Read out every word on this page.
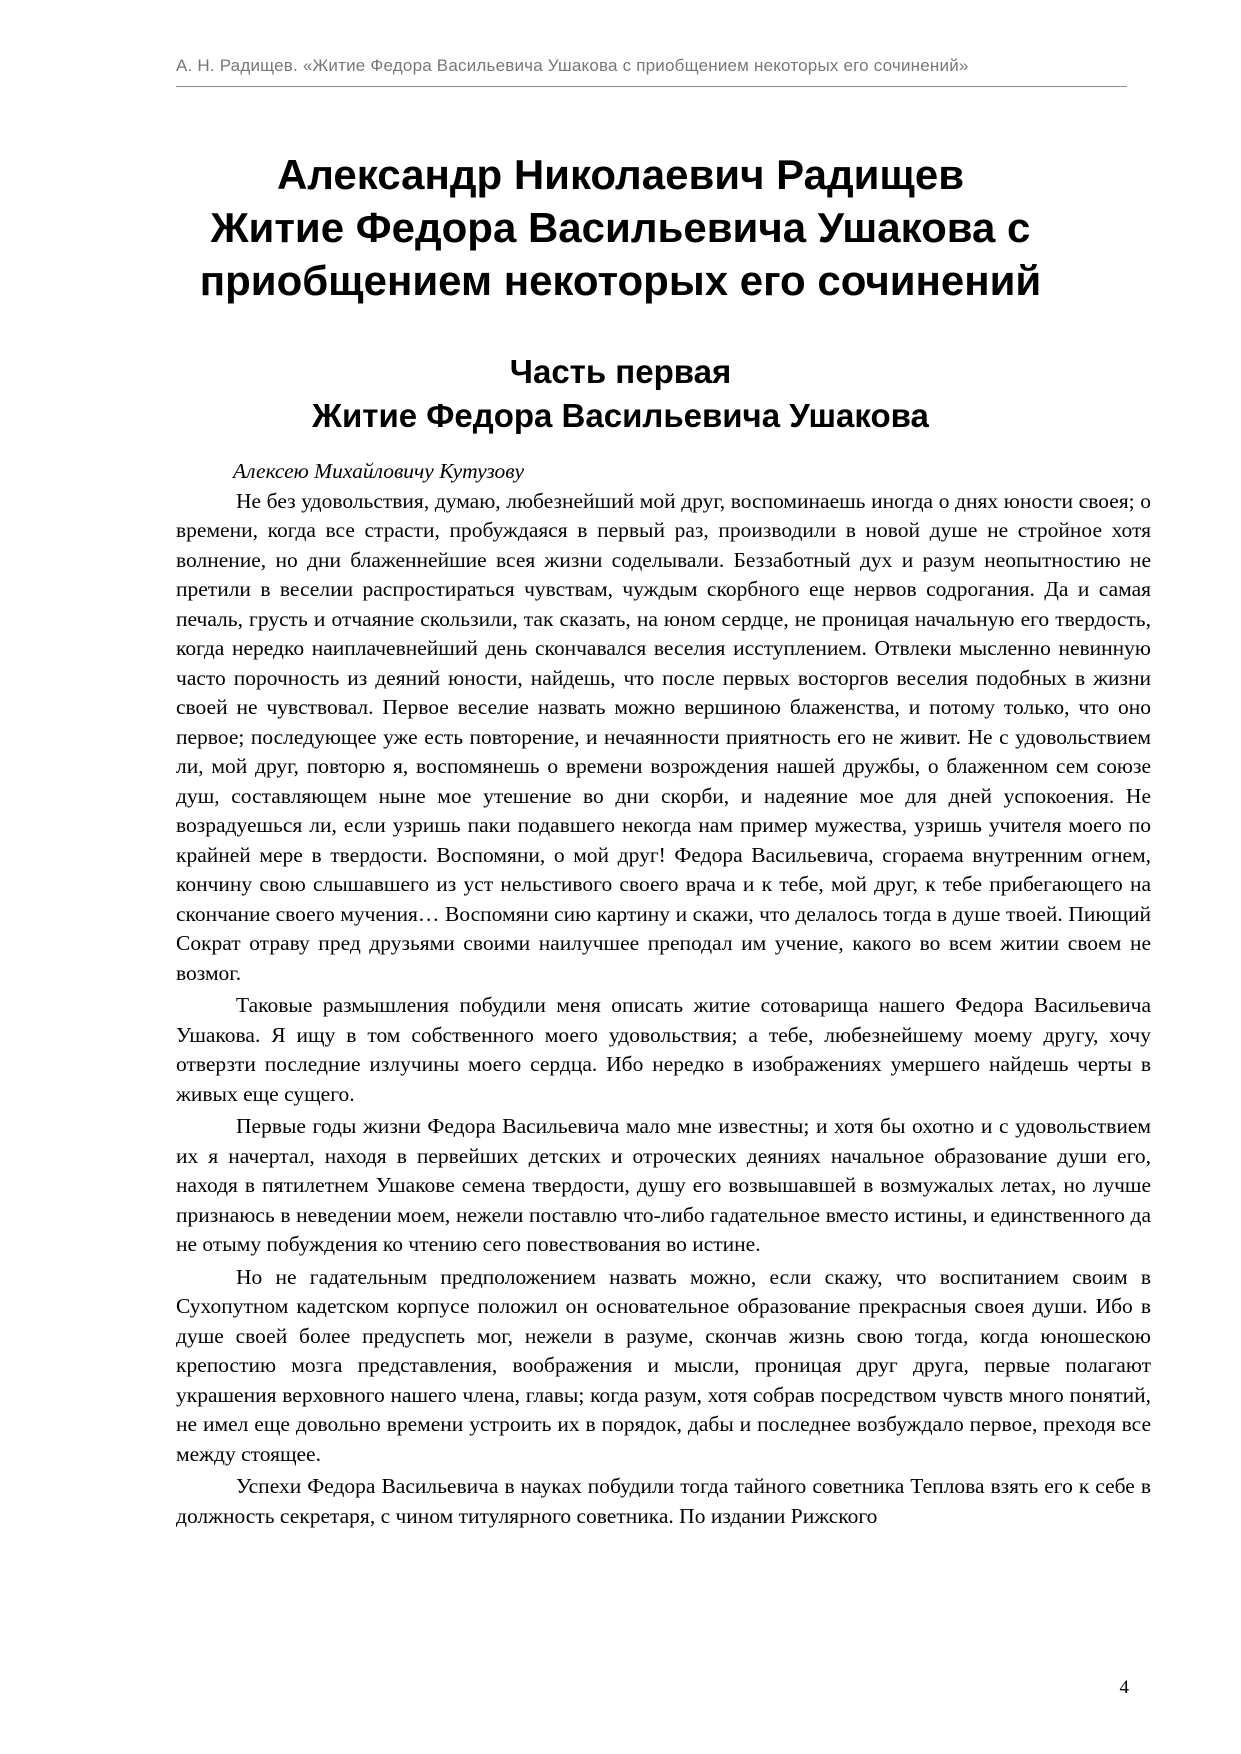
А. Н. Радищев. «Житие Федора Васильевича Ушакова с приобщением некоторых его сочинений»
Александр Николаевич Радищев
Житие Федора Васильевича Ушакова с
приобщением некоторых его сочинений
Часть первая
Житие Федора Васильевича Ушакова

Алексею Михайловичу Кутузову

Не без удовольствия, думаю, любезнейший мой друг, воспоминаешь иногда о днях юности своея; о времени, когда все страсти, пробуждаяся в первый раз, производили в новой душе не стройное хотя волнение, но дни блаженнейшие всея жизни соделывали. Беззаботный дух и разум неопытностию не претили в веселии распростираться чувствам, чуждым скорбного еще нервов содрогания. Да и самая печаль, грусть и отчаяние скользили, так сказать, на юном сердце, не проницая начальную его твердость, когда нередко наиплачевнейший день скончавался веселия исступлением. Отвлеки мысленно невинную часто порочность из деяний юности, найдешь, что после первых восторгов веселия подобных в жизни своей не чувствовал. Первое веселие назвать можно вершиною блаженства, и потому только, что оно первое; последующее уже есть повторение, и нечаянности приятность его не живит. Не с удовольствием ли, мой друг, повторю я, воспомянешь о времени возрождения нашей дружбы, о блаженном сем союзе душ, составляющем ныне мое утешение во дни скорби, и надеяние мое для дней успокоения. Не возрадуешься ли, если узришь паки подавшего некогда нам пример мужества, узришь учителя моего по крайней мере в твердости. Воспомяни, о мой друг! Федора Васильевича, сгораема внутренним огнем, кончину свою слышавшего из уст нельстивого своего врача и к тебе, мой друг, к тебе прибегающего на скончание своего мучения… Воспомяни сию картину и скажи, что делалось тогда в душе твоей. Пиющий Сократ отраву пред друзьями своими наилучшее преподал им учение, какого во всем житии своем не возмог.

Таковые размышления побудили меня описать житие сотоварища нашего Федора Васильевича Ушакова. Я ищу в том собственного моего удовольствия; а тебе, любезнейшему моему другу, хочу отверзти последние излучины моего сердца. Ибо нередко в изображениях умершего найдешь черты в живых еще сущего.

Первые годы жизни Федора Васильевича мало мне известны; и хотя бы охотно и с удовольствием их я начертал, находя в первейших детских и отроческих деяниях начальное образование души его, находя в пятилетнем Ушакове семена твердости, душу его возвышавшей в возмужалых летах, но лучше признаюсь в неведении моем, нежели поставлю что-либо гадательное вместо истины, и единственного да не отыму побуждения ко чтению сего повествования во истине.

Но не гадательным предположением назвать можно, если скажу, что воспитанием своим в Сухопутном кадетском корпусе положил он основательное образование прекрасныя своея души. Ибо в душе своей более предуспеть мог, нежели в разуме, скончав жизнь свою тогда, когда юношескою крепостию мозга представления, воображения и мысли, проницая друг друга, первые полагают украшения верховного нашего члена, главы; когда разум, хотя собрав посредством чувств много понятий, не имел еще довольно времени устроить их в порядок, дабы и последнее возбуждало первое, преходя все между стоящее.

Успехи Федора Васильевича в науках побудили тогда тайного советника Теплова взять его к себе в должность секретаря, с чином титулярного советника. По издании Рижского

4
